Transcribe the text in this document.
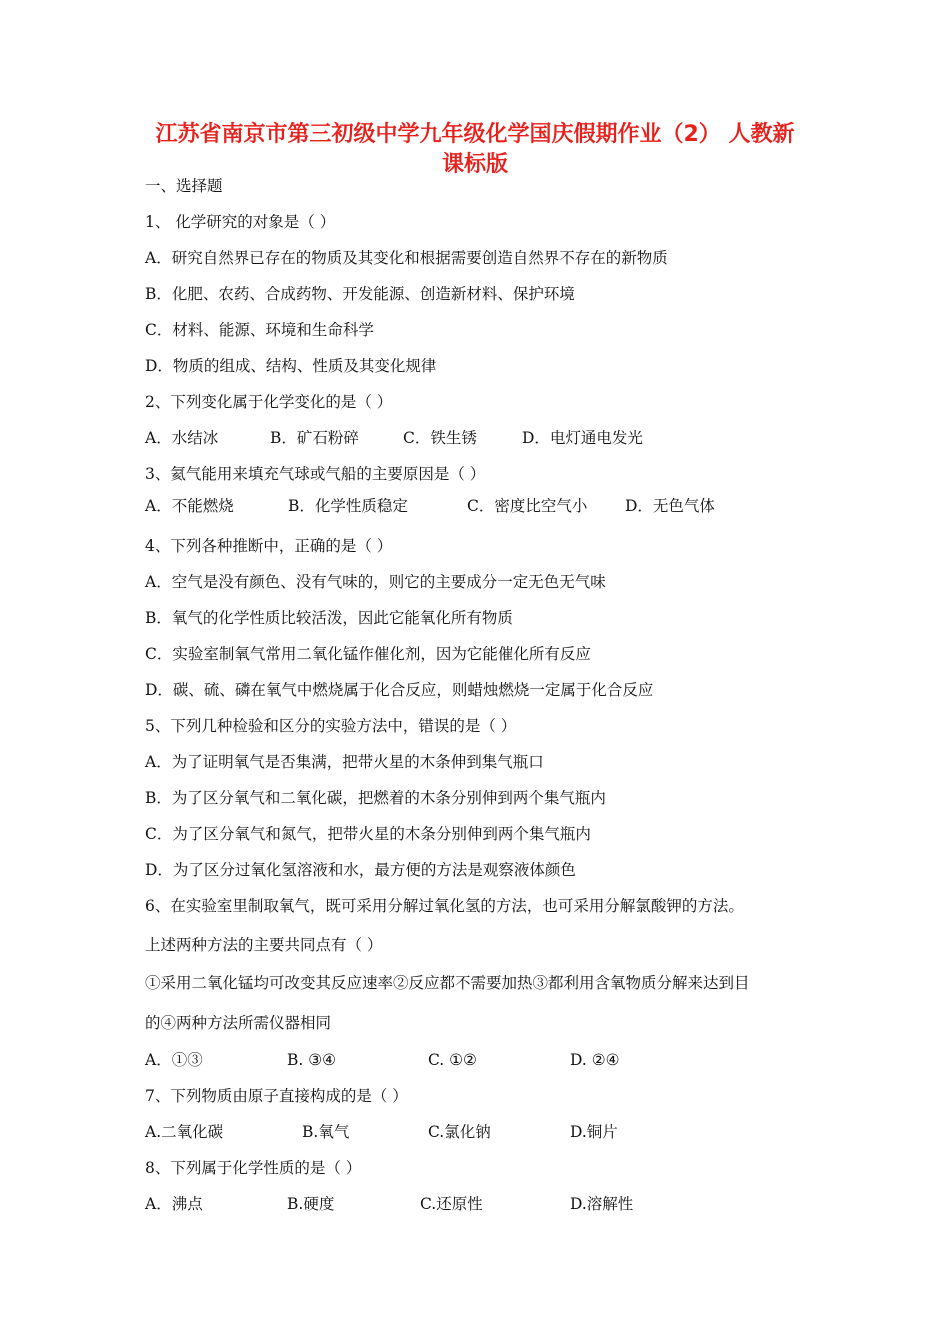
江苏省南京市第三初级中学九年级化学国庆假期作业（2） 人教新
课标版
一、选择题
1、 化学研究的对象是（ ）
A．研究自然界已存在的物质及其变化和根据需要创造自然界不存在的新物质
B．化肥、农药、合成药物、开发能源、创造新材料、保护环境
C．材料、能源、环境和生命科学
D．物质的组成、结构、性质及其变化规律
2、下列变化属于化学变化的是（ ）
A．水结冰	B．矿石粉碎	C．铁生锈	D．电灯通电发光
3、氦气能用来填充气球或气船的主要原因是（ ）
A．不能燃烧	B．化学性质稳定	C．密度比空气小 D．无色气体
4、下列各种推断中，正确的是（ ）
A．空气是没有颜色、没有气味的，则它的主要成分一定无色无气味
B．氧气的化学性质比较活泼，因此它能氧化所有物质
C．实验室制氧气常用二氧化锰作催化剂，因为它能催化所有反应
D．碳、硫、磷在氧气中燃烧属于化合反应，则蜡烛燃烧一定属于化合反应
5、下列几种检验和区分的实验方法中，错误的是（ ）
A．为了证明氧气是否集满，把带火星的木条伸到集气瓶口
B．为了区分氧气和二氧化碳，把燃着的木条分别伸到两个集气瓶内
C．为了区分氧气和氮气，把带火星的木条分别伸到两个集气瓶内
D．为了区分过氧化氢溶液和水，最方便的方法是观察液体颜色
6、在实验室里制取氧气，既可采用分解过氧化氢的方法，也可采用分解氯酸钾的方法。
上述两种方法的主要共同点有（ ）
①采用二氧化锰均可改变其反应速率②反应都不需要加热③都利用含氧物质分解来达到目
的④两种方法所需仪器相同
A．①③	B. ③④	C. ①②	D. ②④
7、下列物质由原子直接构成的是（ ）
A.二氧化碳	B.氧气	C.氯化钠	D.铜片
8、下列属于化学性质的是（ ）
A．沸点	B.硬度	C.还原性	D.溶解性
